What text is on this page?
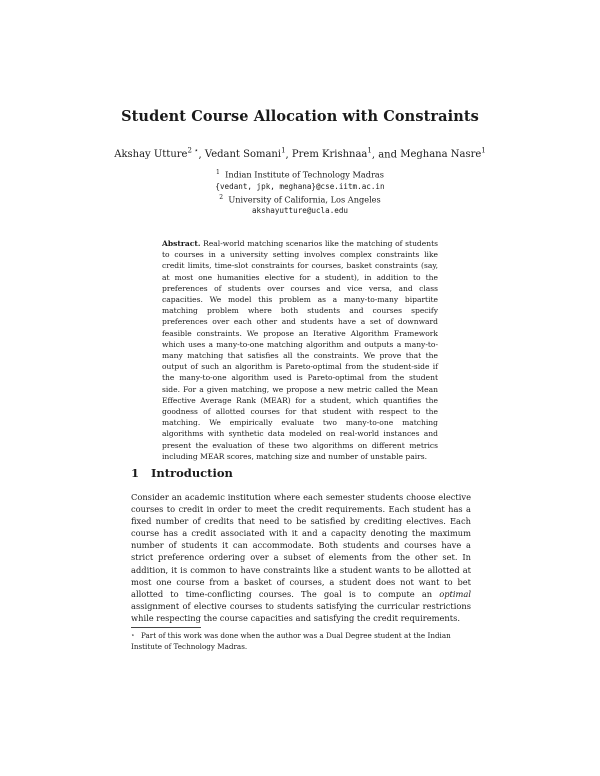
Student Course Allocation with Constraints
Akshay Utture$^{2 ⋆}$, Vedant Somani$^1$, Prem Krishnaa$^1$, and Meghana Nasre$^1$
$^1$ Indian Institute of Technology Madras
{vedant, jpk, meghana}@cse.iitm.ac.in
$^2$ University of California, Los Angeles
akshayutture@ucla.edu
Abstract. Real-world matching scenarios like the matching of students to courses in a university setting involves complex constraints like credit limits, time-slot constraints for courses, basket constraints (say, at most one humanities elective for a student), in addition to the preferences of students over courses and vice versa, and class capacities. We model this problem as a many-to-many bipartite matching problem where both students and courses specify preferences over each other and students have a set of downward feasible constraints. We propose an Iterative Algorithm Framework which uses a many-to-one matching algorithm and outputs a many-to-many matching that satisfies all the constraints. We prove that the output of such an algorithm is Pareto-optimal from the student-side if the many-to-one algorithm used is Pareto-optimal from the student side. For a given matching, we propose a new metric called the Mean Effective Average Rank (MEAR) for a student, which quantifies the goodness of allotted courses for that student with respect to the matching. We empirically evaluate two many-to-one matching algorithms with synthetic data modeled on real-world instances and present the evaluation of these two algorithms on different metrics including MEAR scores, matching size and number of unstable pairs.
1 Introduction
Consider an academic institution where each semester students choose elective courses to credit in order to meet the credit requirements. Each student has a fixed number of credits that need to be satisfied by crediting electives. Each course has a credit associated with it and a capacity denoting the maximum number of students it can accommodate. Both students and courses have a strict preference ordering over a subset of elements from the other set. In addition, it is common to have constraints like a student wants to be allotted at most one course from a basket of courses, a student does not want to bet allotted to time-conflicting courses. The goal is to compute an optimal assignment of elective courses to students satisfying the curricular restrictions while respecting the course capacities and satisfying the credit requirements.
⋆ Part of this work was done when the author was a Dual Degree student at the Indian Institute of Technology Madras.
